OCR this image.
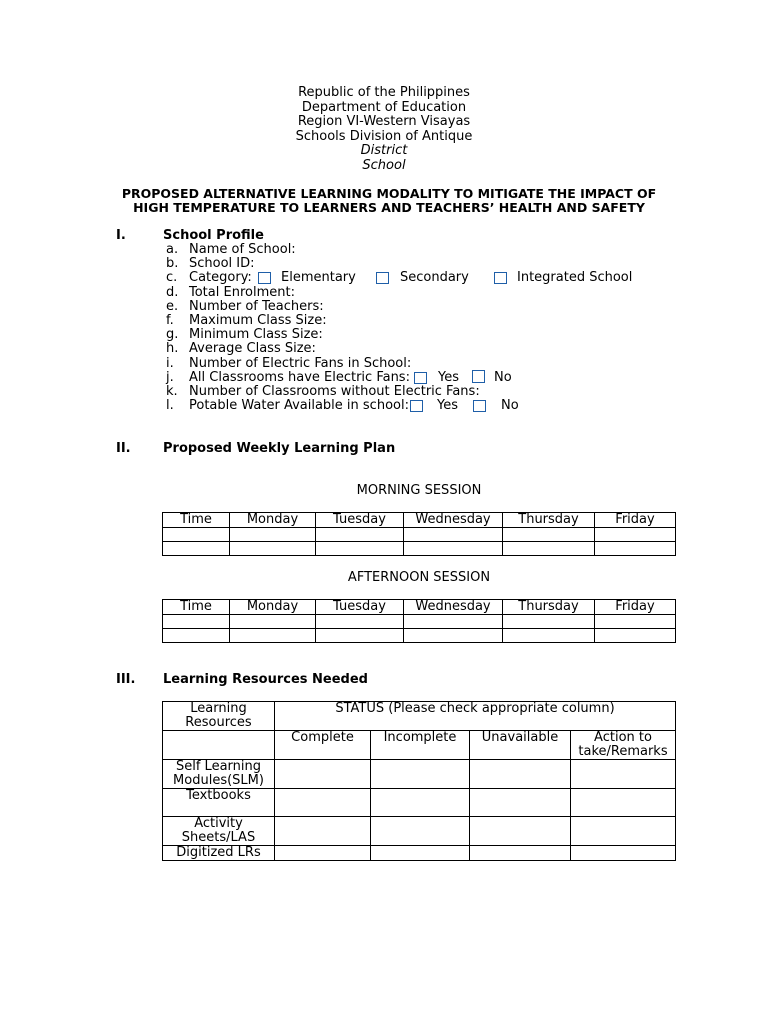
Republic of the Philippines
Department of Education
Region VI-Western Visayas
Schools Division of Antique
District
School
PROPOSED ALTERNATIVE LEARNING MODALITY TO MITIGATE THE IMPACT OF
HIGH TEMPERATURE TO LEARNERS AND TEACHERS’ HEALTH AND SAFETY
I.	School Profile
a. Name of School:
b. School ID:
c. Category: Elementary	Secondary	Integrated School
d. Total Enrolment:
e. Number of Teachers:
f.	Maximum Class Size:
g. Minimum Class Size:
h. Average Class Size:
i.	Number of Electric Fans in School:
j.	All Classrooms have Electric Fans: Yes	No
k. Number of Classrooms without Electric Fans:
l.	Potable Water Available in school: Yes	No
II. Proposed Weekly Learning Plan
MORNING SESSION
Time	Monday	Tuesday	Wednesday	Thursday	Friday

AFTERNOON SESSION
Time	Monday	Tuesday	Wednesday	Thursday	Friday

III. Learning Resources Needed
Learning Resources	STATUS (Please check appropriate column)			
	Complete	Incomplete	Unavailable	Action to take/Remarks
Self Learning Modules(SLM)				
Textbooks				
Activity Sheets/LAS				
Digitized LRs				
